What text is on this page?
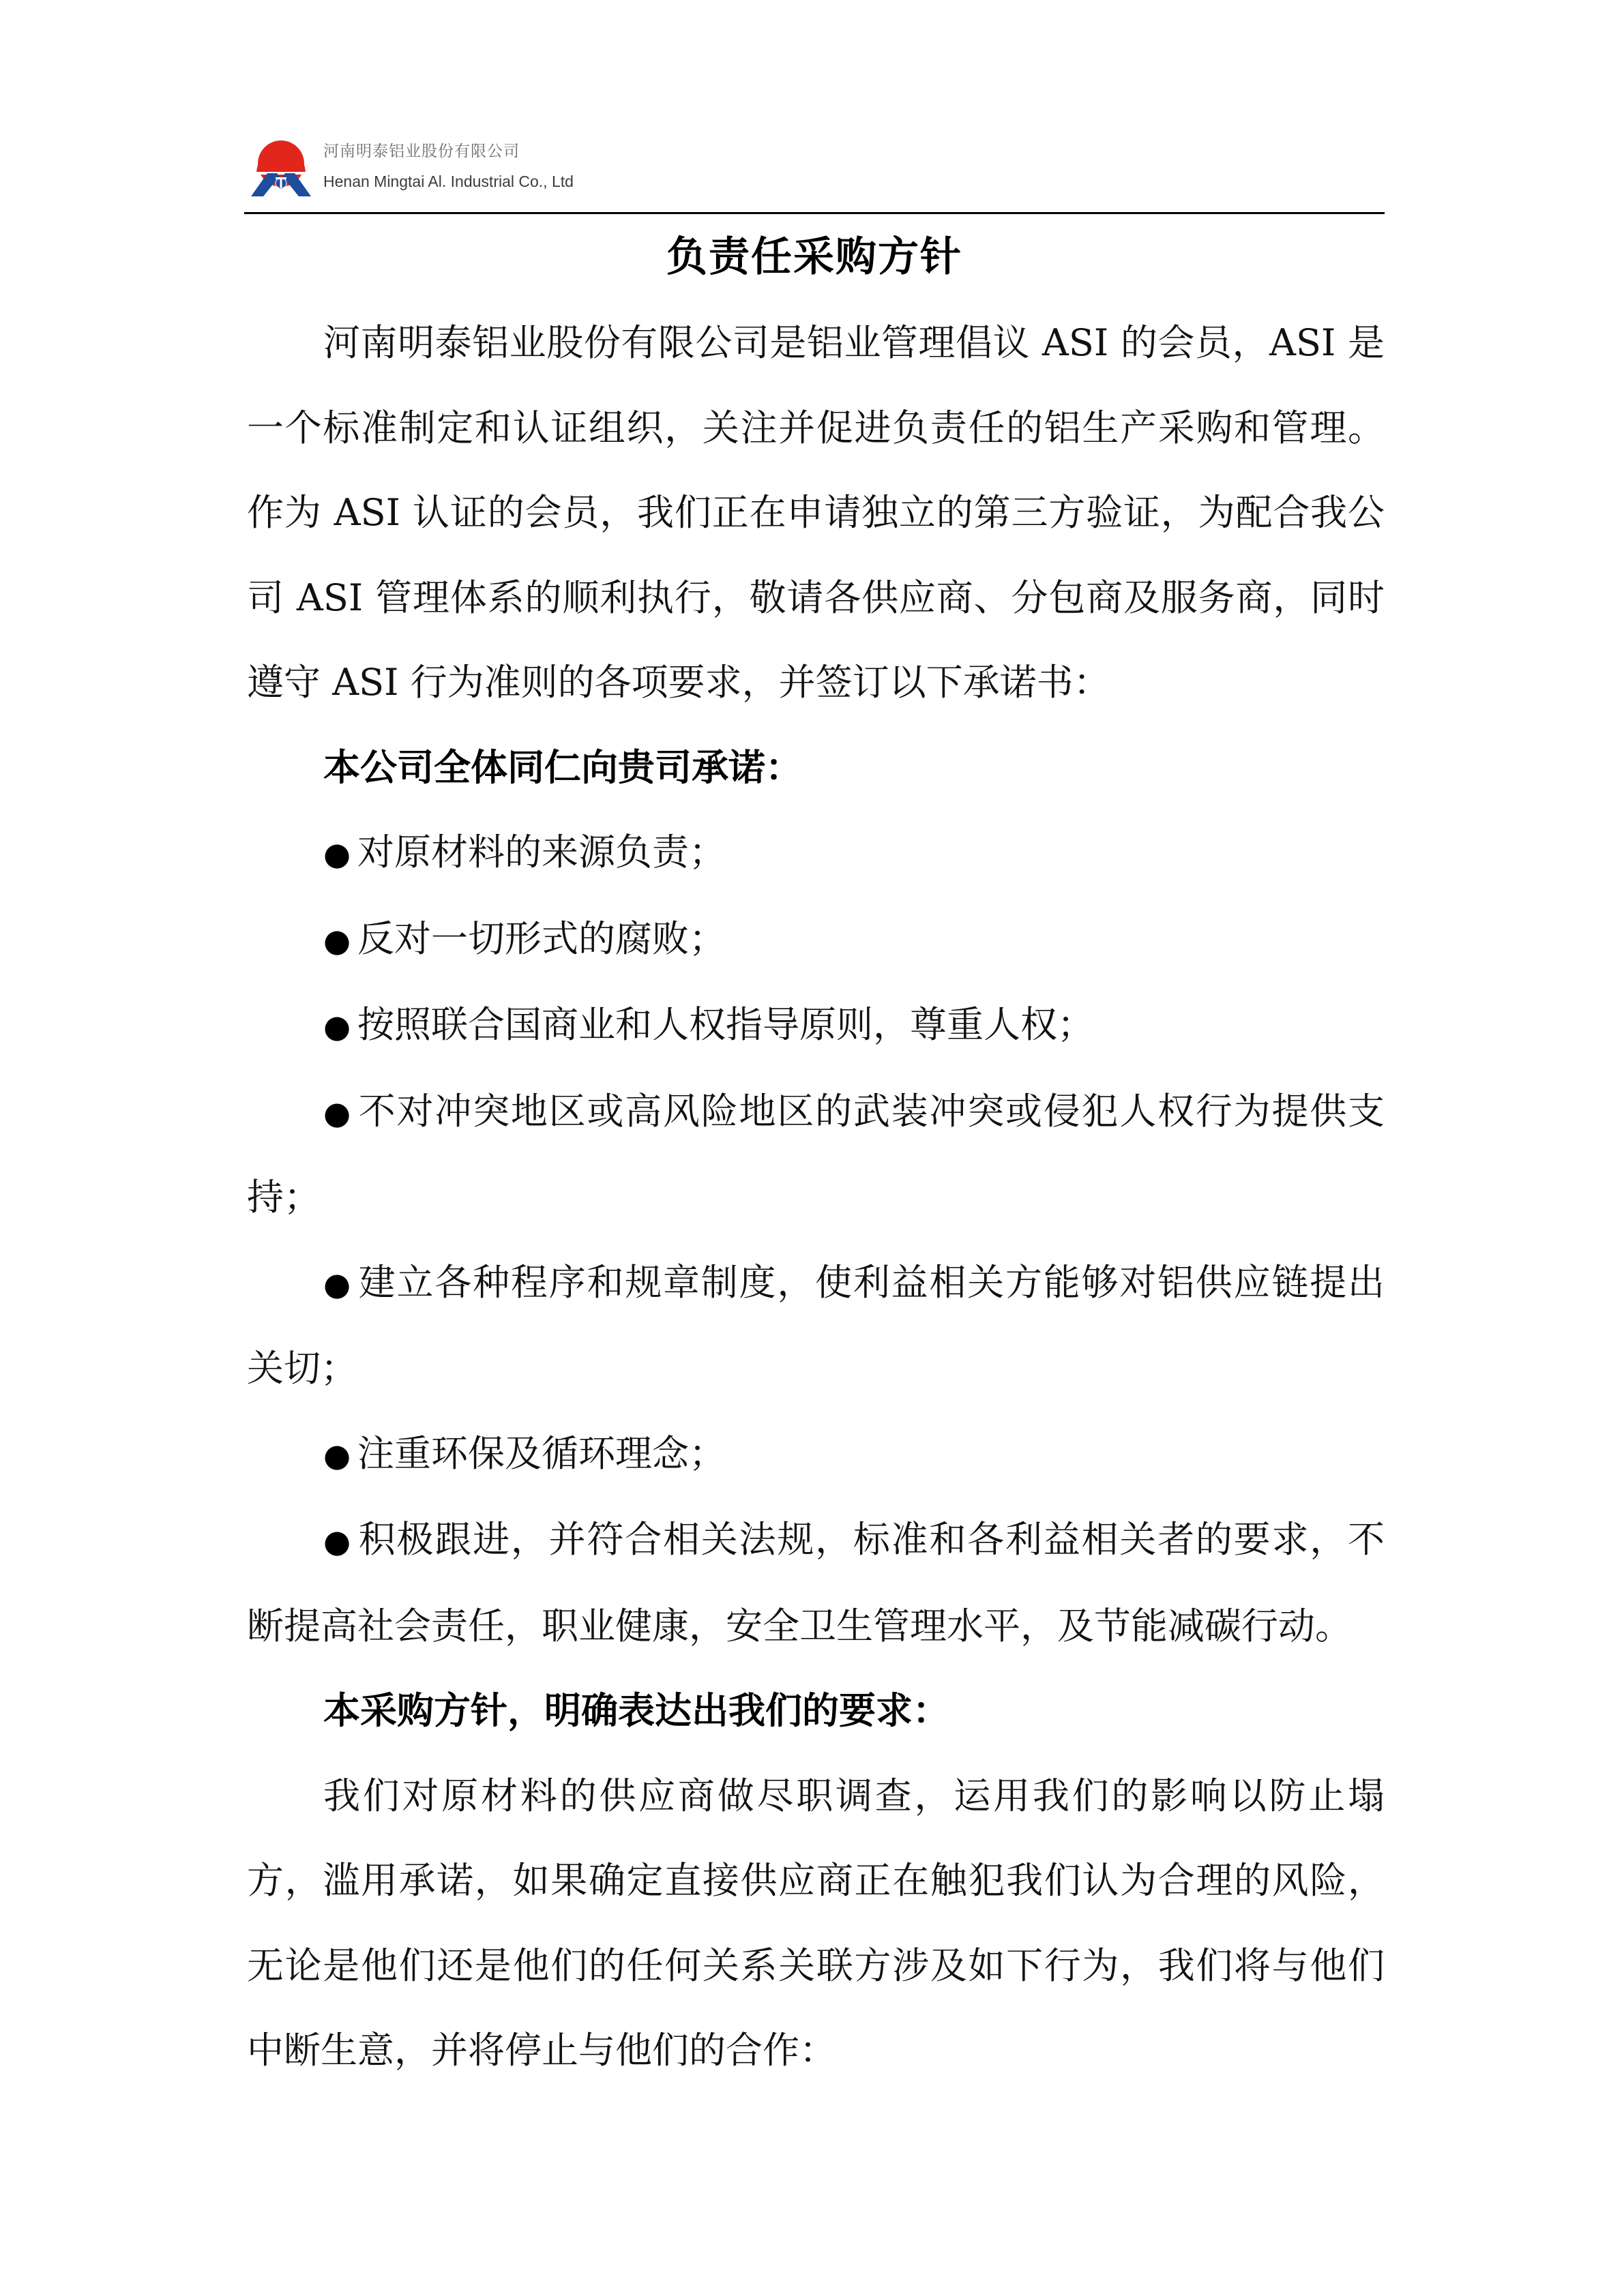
河南明泰铝业股份有限公司
Henan Mingtai Al. Industrial Co., Ltd
负责任采购方针

河南明泰铝业股份有限公司是铝业管理倡议 ASI 的会员，ASI 是一个标准制定和认证组织，关注并促进负责任的铝生产采购和管理。作为 ASI 认证的会员，我们正在申请独立的第三方验证，为配合我公司 ASI 管理体系的顺利执行，敬请各供应商、分包商及服务商，同时遵守 ASI 行为准则的各项要求，并签订以下承诺书：

本公司全体同仁向贵司承诺：

● 对原材料的来源负责；

● 反对一切形式的腐败；

● 按照联合国商业和人权指导原则，尊重人权；

● 不对冲突地区或高风险地区的武装冲突或侵犯人权行为提供支持；

● 建立各种程序和规章制度，使利益相关方能够对铝供应链提出关切；

● 注重环保及循环理念；

● 积极跟进，并符合相关法规，标准和各利益相关者的要求，不断提高社会责任，职业健康，安全卫生管理水平，及节能减碳行动。

本采购方针，明确表达出我们的要求：

我们对原材料的供应商做尽职调查，运用我们的影响以防止塌方，滥用承诺，如果确定直接供应商正在触犯我们认为合理的风险，无论是他们还是他们的任何关系关联方涉及如下行为，我们将与他们中断生意，并将停止与他们的合作：
